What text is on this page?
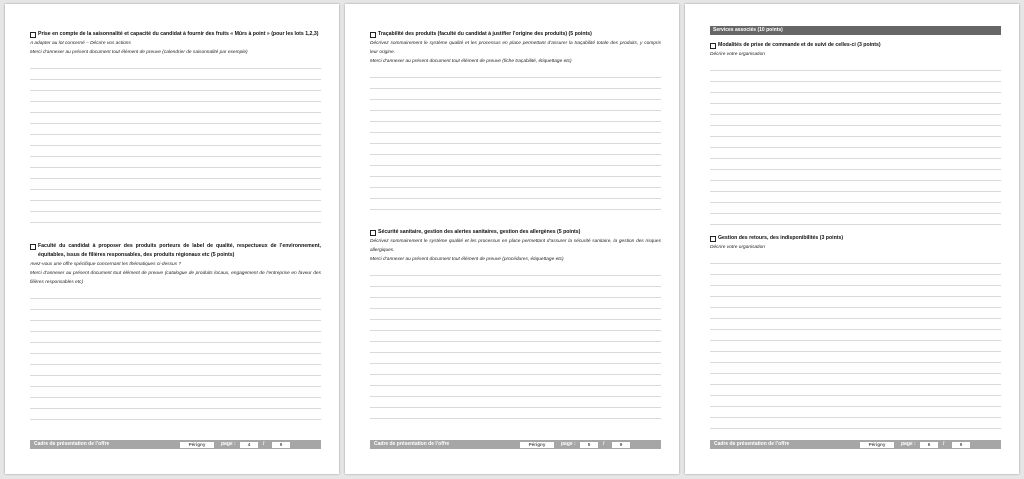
Prise en compte de la saisonnalité et capacité du candidat à fournir des fruits « Mûrs à point » (pour les lots 1,2,3)
A adapter au lot concerné – Décrire vos actions
Merci d’annexer au présent document tout élément de preuve (calendrier de saisonnalité par exemple)
Faculté du candidat à proposer des produits porteurs de label de qualité, respectueux de l’environnement, équitables, issus de filières responsables, des produits régionaux etc (5 points)
Avez-vous une offre spécifique concernant les thématiques ci-dessus ?
Merci d’annexer au présent document tout élément de preuve (catalogue de produits locaux, engagement de l’entreprise en faveur des filières responsables etc)
Cadre de présentation de l’offre	Périgny	page :	4	/	9
Traçabilité des produits (faculté du candidat à justifier l’origine des produits) (5 points)
Décrivez sommairement le système qualité et les processus en place permettant d’assurer la traçabilité totale des produits, y compris leur origine.
Merci d’annexer au présent document tout élément de preuve (fiche traçabilité, étiquettage etc)
Sécurité sanitaire, gestion des alertes sanitaires, gestion des allergènes (5 points)
Décrivez sommairement le système qualité et les processus en place permettant d’assurer la sécurité sanitaire, la gestion des risques allergiques.
Merci d’annexer au présent document tout élément de preuve (procédures, étiquettage etc)
Cadre de présentation de l’offre	Périgny	page :	5	/	9
Services associés (10 points)
Modalités de prise de commande et de suivi de celles-ci (3 points)
Décrire votre organisation
Gestion des retours, des indisponibilités (3 points)
Décrire votre organisation
Cadre de présentation de l’offre	Périgny	page :	6	/	9
